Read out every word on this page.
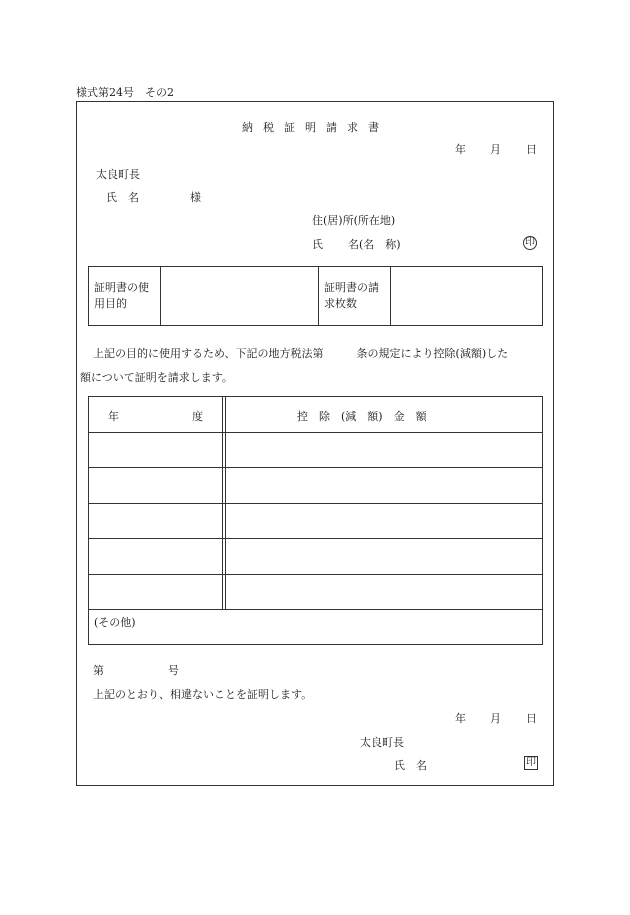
様式第24号　その2
納税証明請求書
年 月 日
太良町長
氏　名	様
住(居)所(所在地)
氏 名(名　称)	印
証明書の使用目的
証明書の請求枚数
上記の目的に使用するため、下記の地方税法第　　　条の規定により控除(減額)した
額について証明を請求します。
年	度	控　除　(減　額)　金　額
(その他)
第	号
上記のとおり、相違ないことを証明します。
年 月 日
太良町長
氏　名	印
